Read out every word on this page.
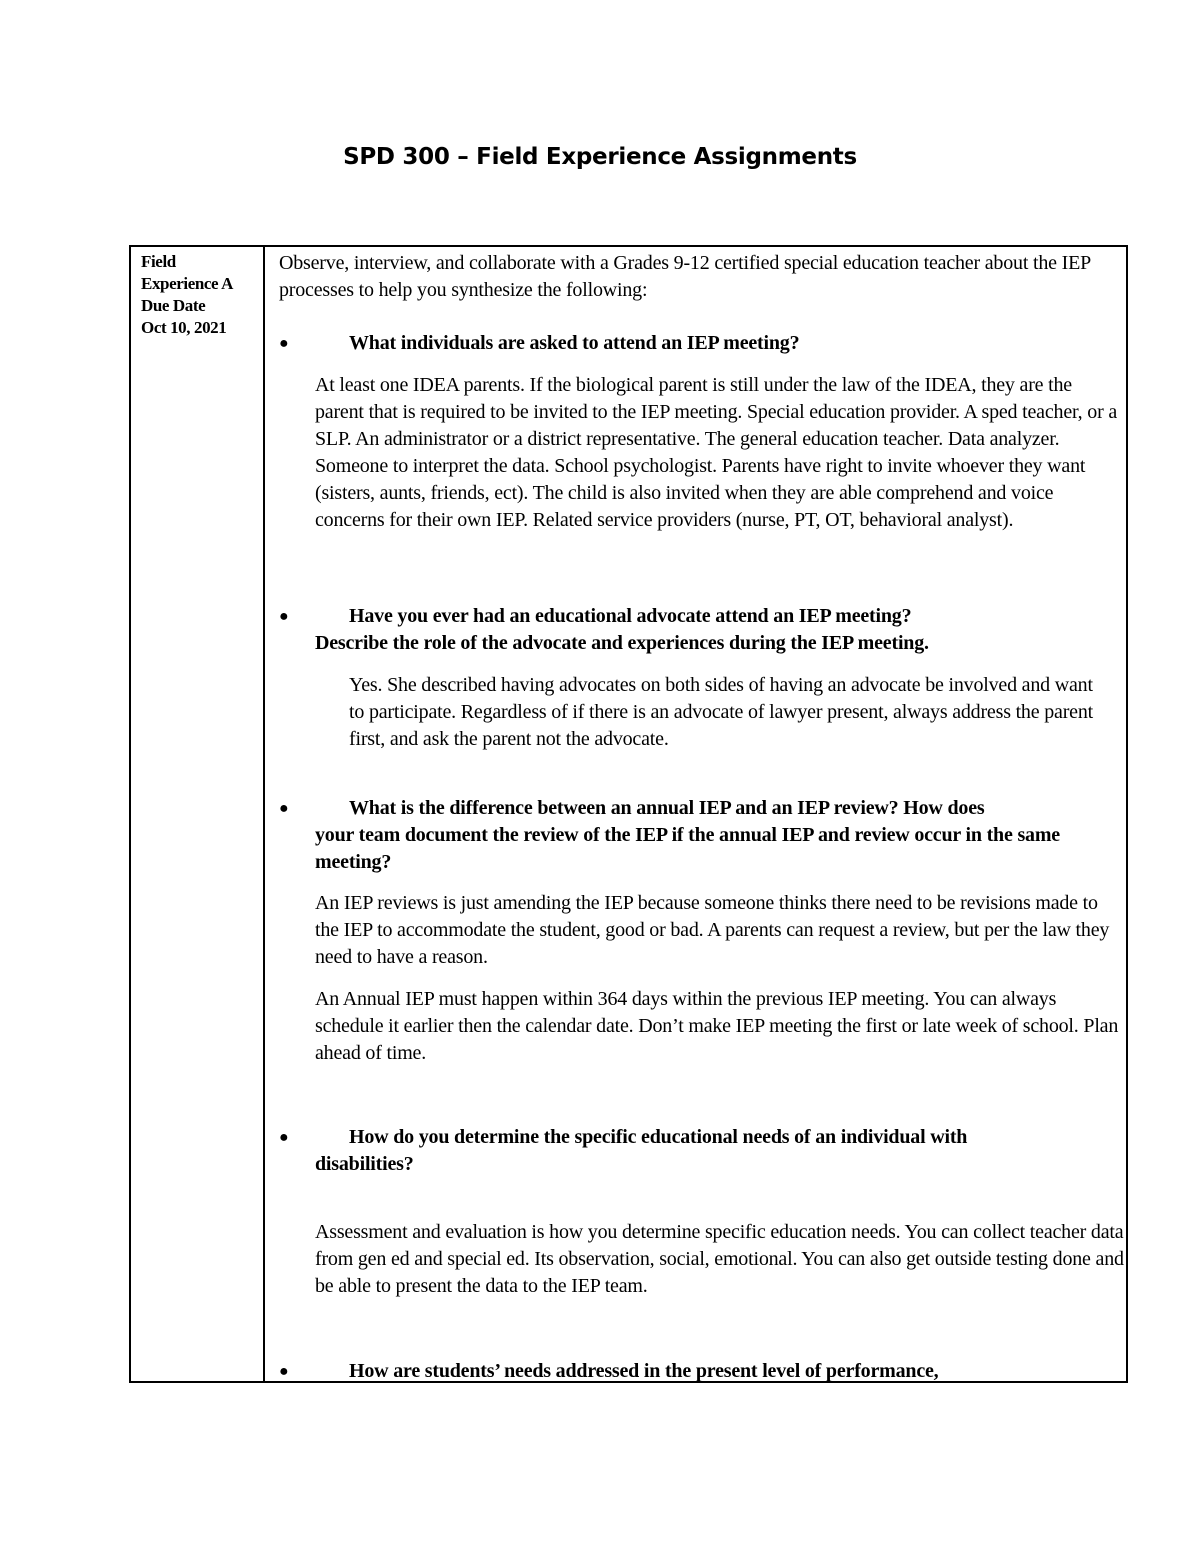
SPD 300 – Field Experience Assignments
Field
Experience A
Due Date
Oct 10, 2021

Observe, interview, and collaborate with a Grades 9-12 certified special education teacher about the IEP processes to help you synthesize the following:

●	What individuals are asked to attend an IEP meeting?

At least one IDEA parents. If the biological parent is still under the law of the IDEA, they are the parent that is required to be invited to the IEP meeting. Special education provider. A sped teacher, or a SLP. An administrator or a district representative. The general education teacher. Data analyzer. Someone to interpret the data. School psychologist. Parents have right to invite whoever they want (sisters, aunts, friends, ect). The child is also invited when they are able comprehend and voice concerns for their own IEP. Related service providers (nurse, PT, OT, behavioral analyst).

●	Have you ever had an educational advocate attend an IEP meeting?
Describe the role of the advocate and experiences during the IEP meeting.

Yes. She described having advocates on both sides of having an advocate be involved and want to participate. Regardless of if there is an advocate of lawyer present, always address the parent first, and ask the parent not the advocate.

●	What is the difference between an annual IEP and an IEP review? How does
your team document the review of the IEP if the annual IEP and review occur in the same meeting?

An IEP reviews is just amending the IEP because someone thinks there need to be revisions made to the IEP to accommodate the student, good or bad. A parents can request a review, but per the law they need to have a reason.

An Annual IEP must happen within 364 days within the previous IEP meeting. You can always schedule it earlier then the calendar date. Don’t make IEP meeting the first or late week of school. Plan ahead of time.

●	How do you determine the specific educational needs of an individual with
disabilities?

Assessment and evaluation is how you determine specific education needs. You can collect teacher data from gen ed and special ed. Its observation, social, emotional. You can also get outside testing done and be able to present the data to the IEP team.

●	How are students’ needs addressed in the present level of performance,
